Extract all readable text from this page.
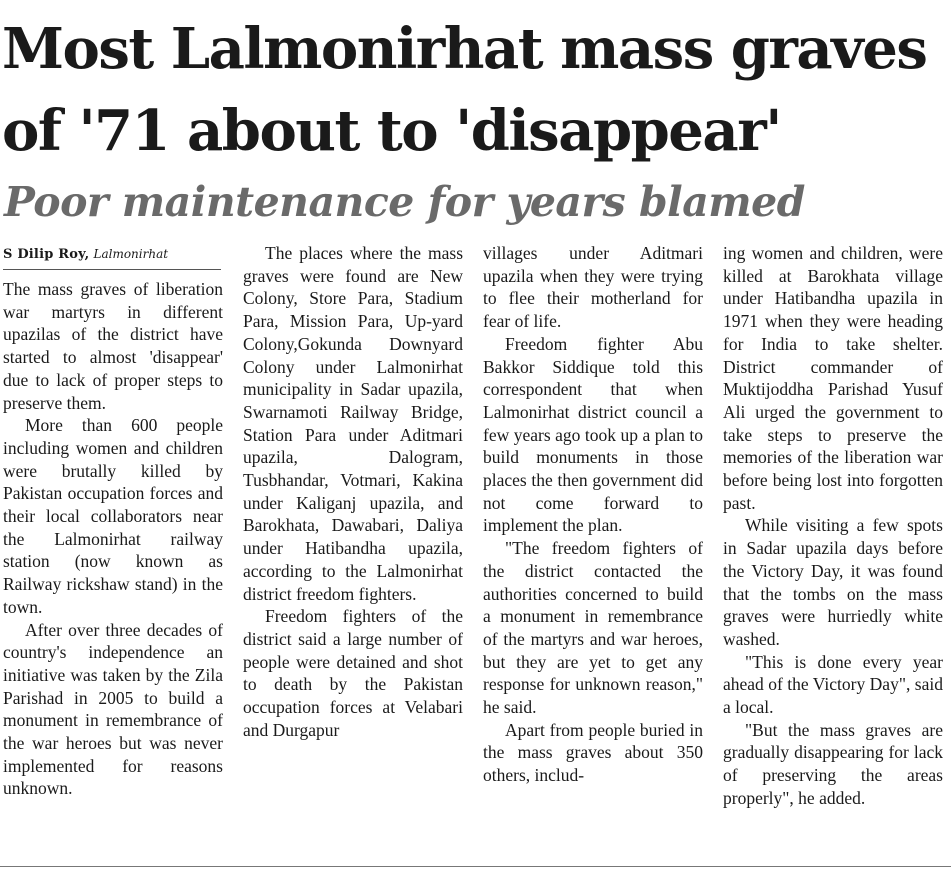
Most Lalmonirhat mass graves
of '71 about to 'disappear'
Poor maintenance for years blamed
S Dilip Roy, Lalmonirhat

The mass graves of liberation war martyrs in different upazilas of the district have started to almost 'disappear' due to lack of proper steps to preserve them.

More than 600 people including women and children were brutally killed by Pakistan occupation forces and their local collaborators near the Lalmonirhat railway station (now known as Railway rickshaw stand) in the town.

After over three decades of country's independence an initiative was taken by the Zila Parishad in 2005 to build a monument in remembrance of the war heroes but was never implemented for reasons unknown.

The places where the mass graves were found are New Colony, Store Para, Stadium Para, Mission Para, Up-yard Colony,Gokunda Downyard Colony under Lalmonirhat municipality in Sadar upazila, Swarnamoti Railway Bridge, Station Para under Aditmari upazila, Dalogram, Tusbhandar, Votmari, Kakina under Kaliganj upazila, and Barokhata, Dawabari, Daliya under Hatibandha upazila, according to the Lalmonirhat district freedom fighters.

Freedom fighters of the district said a large number of people were detained and shot to death by the Pakistan occupation forces at Velabari and Durgapur

villages under Aditmari upazila when they were trying to flee their motherland for fear of life.

Freedom fighter Abu Bakkor Siddique told this correspondent that when Lalmonirhat district council a few years ago took up a plan to build monuments in those places the then government did not come forward to implement the plan.

"The freedom fighters of the district contacted the authorities concerned to build a monument in remembrance of the martyrs and war heroes, but they are yet to get any response for unknown reason," he said.

Apart from people buried in the mass graves about 350 others, includ-

ing women and children, were killed at Barokhata village under Hatibandha upazila in 1971 when they were heading for India to take shelter. District commander of Muktijoddha Parishad Yusuf Ali urged the government to take steps to preserve the memories of the liberation war before being lost into forgotten past.

While visiting a few spots in Sadar upazila days before the Victory Day, it was found that the tombs on the mass graves were hurriedly white washed.

"This is done every year ahead of the Victory Day", said a local.

"But the mass graves are gradually disappearing for lack of preserving the areas properly", he added.
